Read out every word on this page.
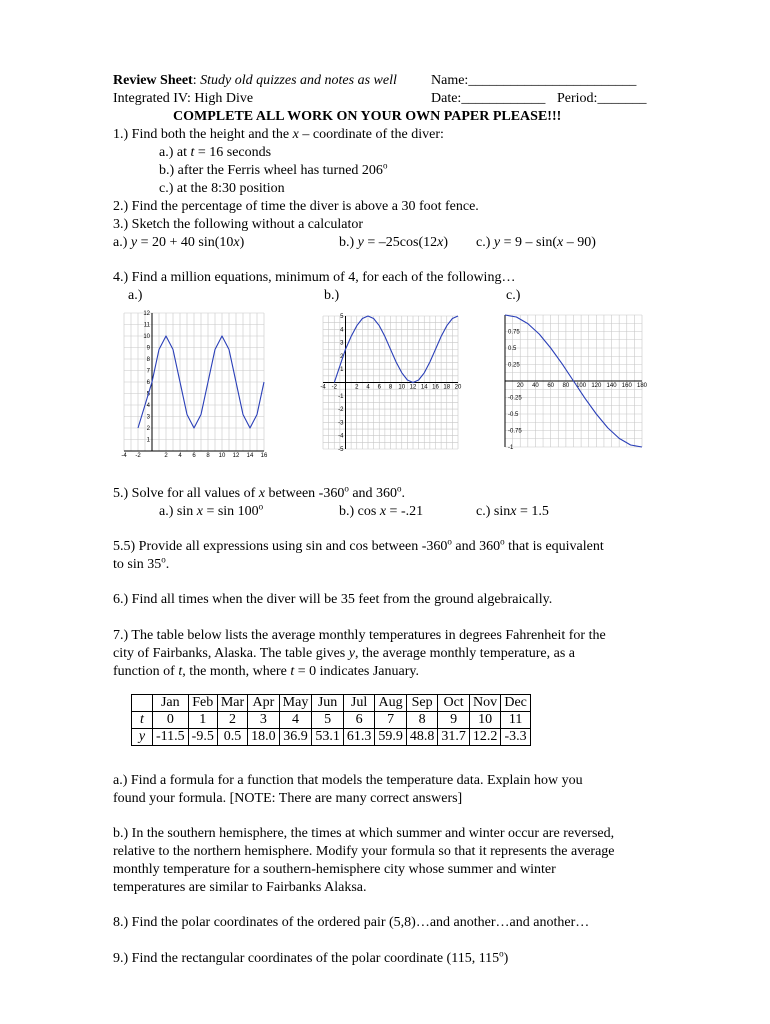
Review Sheet: Study old quizzes and notes as well Name:________________________
Integrated IV: High Dive	Date:____________ Period:_______
COMPLETE ALL WORK ON YOUR OWN PAPER PLEASE!!!
1.) Find both the height and the x – coordinate of the diver:
a.) at t = 16 seconds
b.) after the Ferris wheel has turned 206$^o$
c.) at the 8:30 position
2.) Find the percentage of time the diver is above a 30 foot fence.
3.) Sketch the following without a calculator
a.) y = 20 + 40 sin(10x)	b.) y = –25cos(12x) c.) y = 9 – sin(x – 90)
4.) Find a million equations, minimum of 4, for each of the following…
a.)	b.)	c.)
-4 -2	2 4 6 8 10 12 14 16
1
2
3
4
5
6
7
8
9
10
11
12
-4 -2	2 4 6 8 10 12 14 16 18 20
-5
-4
-3
-2
-1
1
2
3
4
5
20 40 60 80 100 120 140 160 180
-1
-0.75
-0.5
-0.25
0.25
0.5
0.75
5.) Solve for all values of x between -360$^o$ and 360$^o$.
a.) sin x = sin 100$^o$	b.) cos x = -.21	c.) sinx = 1.5
5.5) Provide all expressions using sin and cos between -360$^o$ and 360$^o$ that is equivalent
to sin 35$^o$.
6.) Find all times when the diver will be 35 feet from the ground algebraically.
7.) The table below lists the average monthly temperatures in degrees Fahrenheit for the
city of Fairbanks, Alaska. The table gives y, the average monthly temperature, as a
function of t, the month, where t = 0 indicates January.
	Jan	Feb	Mar	Apr	May	Jun	Jul	Aug	Sep	Oct	Nov	Dec
t	0	1	2	3	4	5	6	7	8	9	10	11
y	-11.5	-9.5	0.5	18.0	36.9	53.1	61.3	59.9	48.8	31.7	12.2	-3.3
a.) Find a formula for a function that models the temperature data. Explain how you
found your formula. [NOTE: There are many correct answers]
b.) In the southern hemisphere, the times at which summer and winter occur are reversed,
relative to the northern hemisphere. Modify your formula so that it represents the average
monthly temperature for a southern-hemisphere city whose summer and winter
temperatures are similar to Fairbanks Alaksa.
8.) Find the polar coordinates of the ordered pair (5,8)…and another…and another…
9.) Find the rectangular coordinates of the polar coordinate (115, 115$^o$)
